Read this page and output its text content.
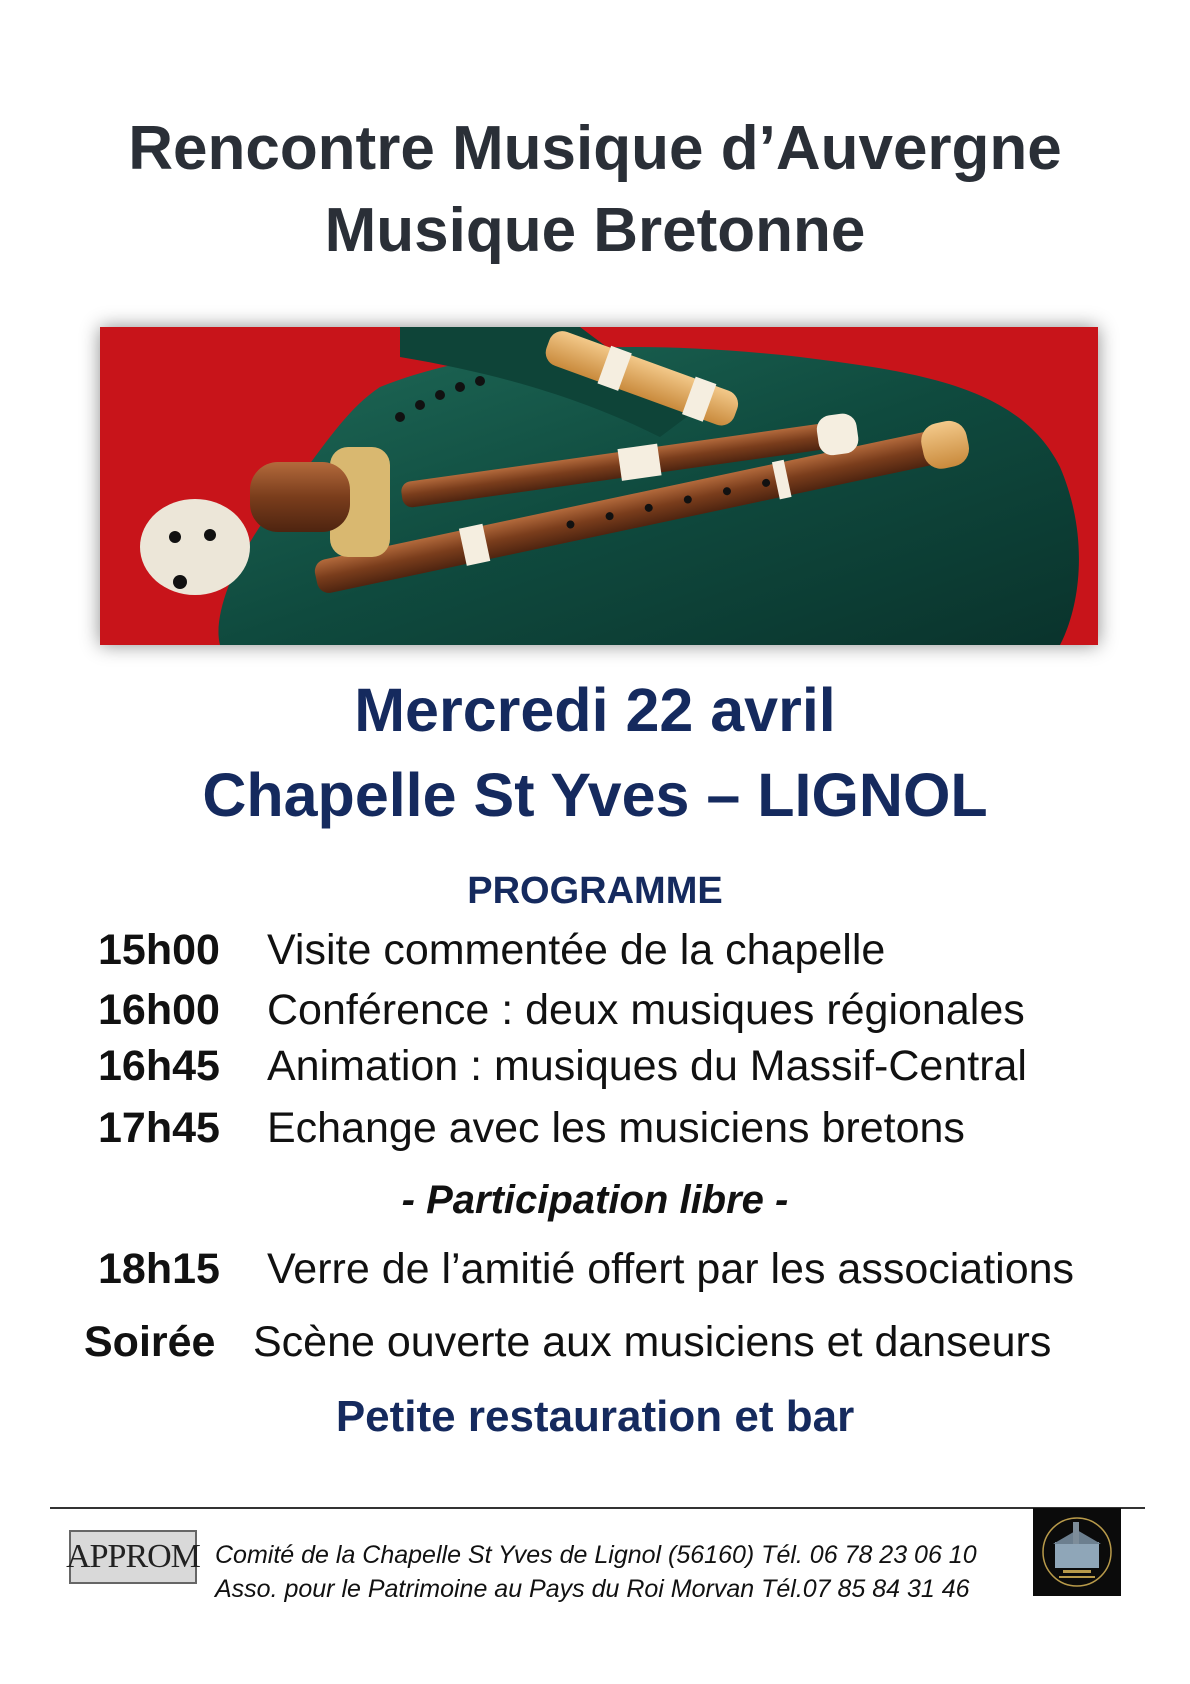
Rencontre Musique d’Auvergne
Musique Bretonne
Mercredi 22 avril
Chapelle St Yves – LIGNOL
PROGRAMME
15h00 Visite commentée de la chapelle
16h00 Conférence : deux musiques régionales
16h45 Animation : musiques du Massif-Central
17h45 Echange avec les musiciens bretons
- Participation libre -
18h15 Verre de l’amitié offert par les associations
Soirée Scène ouverte aux musiciens et danseurs
Petite restauration et bar
APPROM Comité de la Chapelle St Yves de Lignol (56160) Tél. 06 78 23 06 10
Asso. pour le Patrimoine au Pays du Roi Morvan Tél.07 85 84 31 46
